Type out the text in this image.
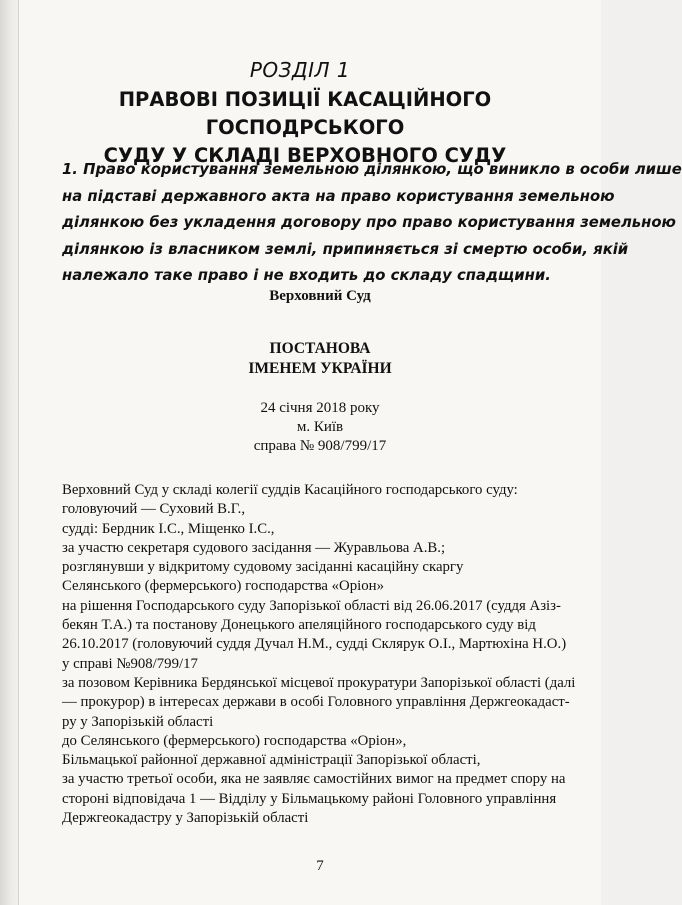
РОЗДІЛ 1
ПРАВОВІ ПОЗИЦІЇ КАСАЦІЙНОГО ГОСПОДРСЬКОГО
СУДУ У СКЛАДІ ВЕРХОВНОГО СУДУ
1. Право користування земельною ділянкою, що виникло в особи лише
на підставі державного акта на право користування земельною
ділянкою без укладення договору про право користування земельною
ділянкою із власником землі, припиняється зі смертю особи, якій
належало таке право і не входить до складу спадщини.
Верховний Суд
ПОСТАНОВА
ІМЕНЕМ УКРАЇНИ
24 січня 2018 року
м. Київ
справа № 908/799/17
Верховний Суд у складі колегії суддів Касаційного господарського суду:
головуючий — Суховий В.Г.,
судді: Бердник І.С., Міщенко І.С.,
за участю секретаря судового засідання — Журавльова А.В.;
розглянувши у відкритому судовому засіданні касаційну скаргу
Селянського (фермерського) господарства «Оріон»
на рішення Господарського суду Запорізької області від 26.06.2017 (суддя Азіз-
бекян Т.А.) та постанову Донецького апеляційного господарського суду від
26.10.2017 (головуючий суддя Дучал Н.М., судді Склярук О.І., Мартюхіна Н.О.)
у справі №908/799/17
за позовом Керівника Бердянської місцевої прокуратури Запорізької області (далі
— прокурор) в інтересах держави в особі Головного управління Держгеокадаст-
ру у Запорізькій області
до Селянського (фермерського) господарства «Оріон»,
Більмацької районної державної адміністрації Запорізької області,
за участю третьої особи, яка не заявляє самостійних вимог на предмет спору на
стороні відповідача 1 — Відділу у Більмацькому районі Головного управління
Держгеокадастру у Запорізькій області
7
